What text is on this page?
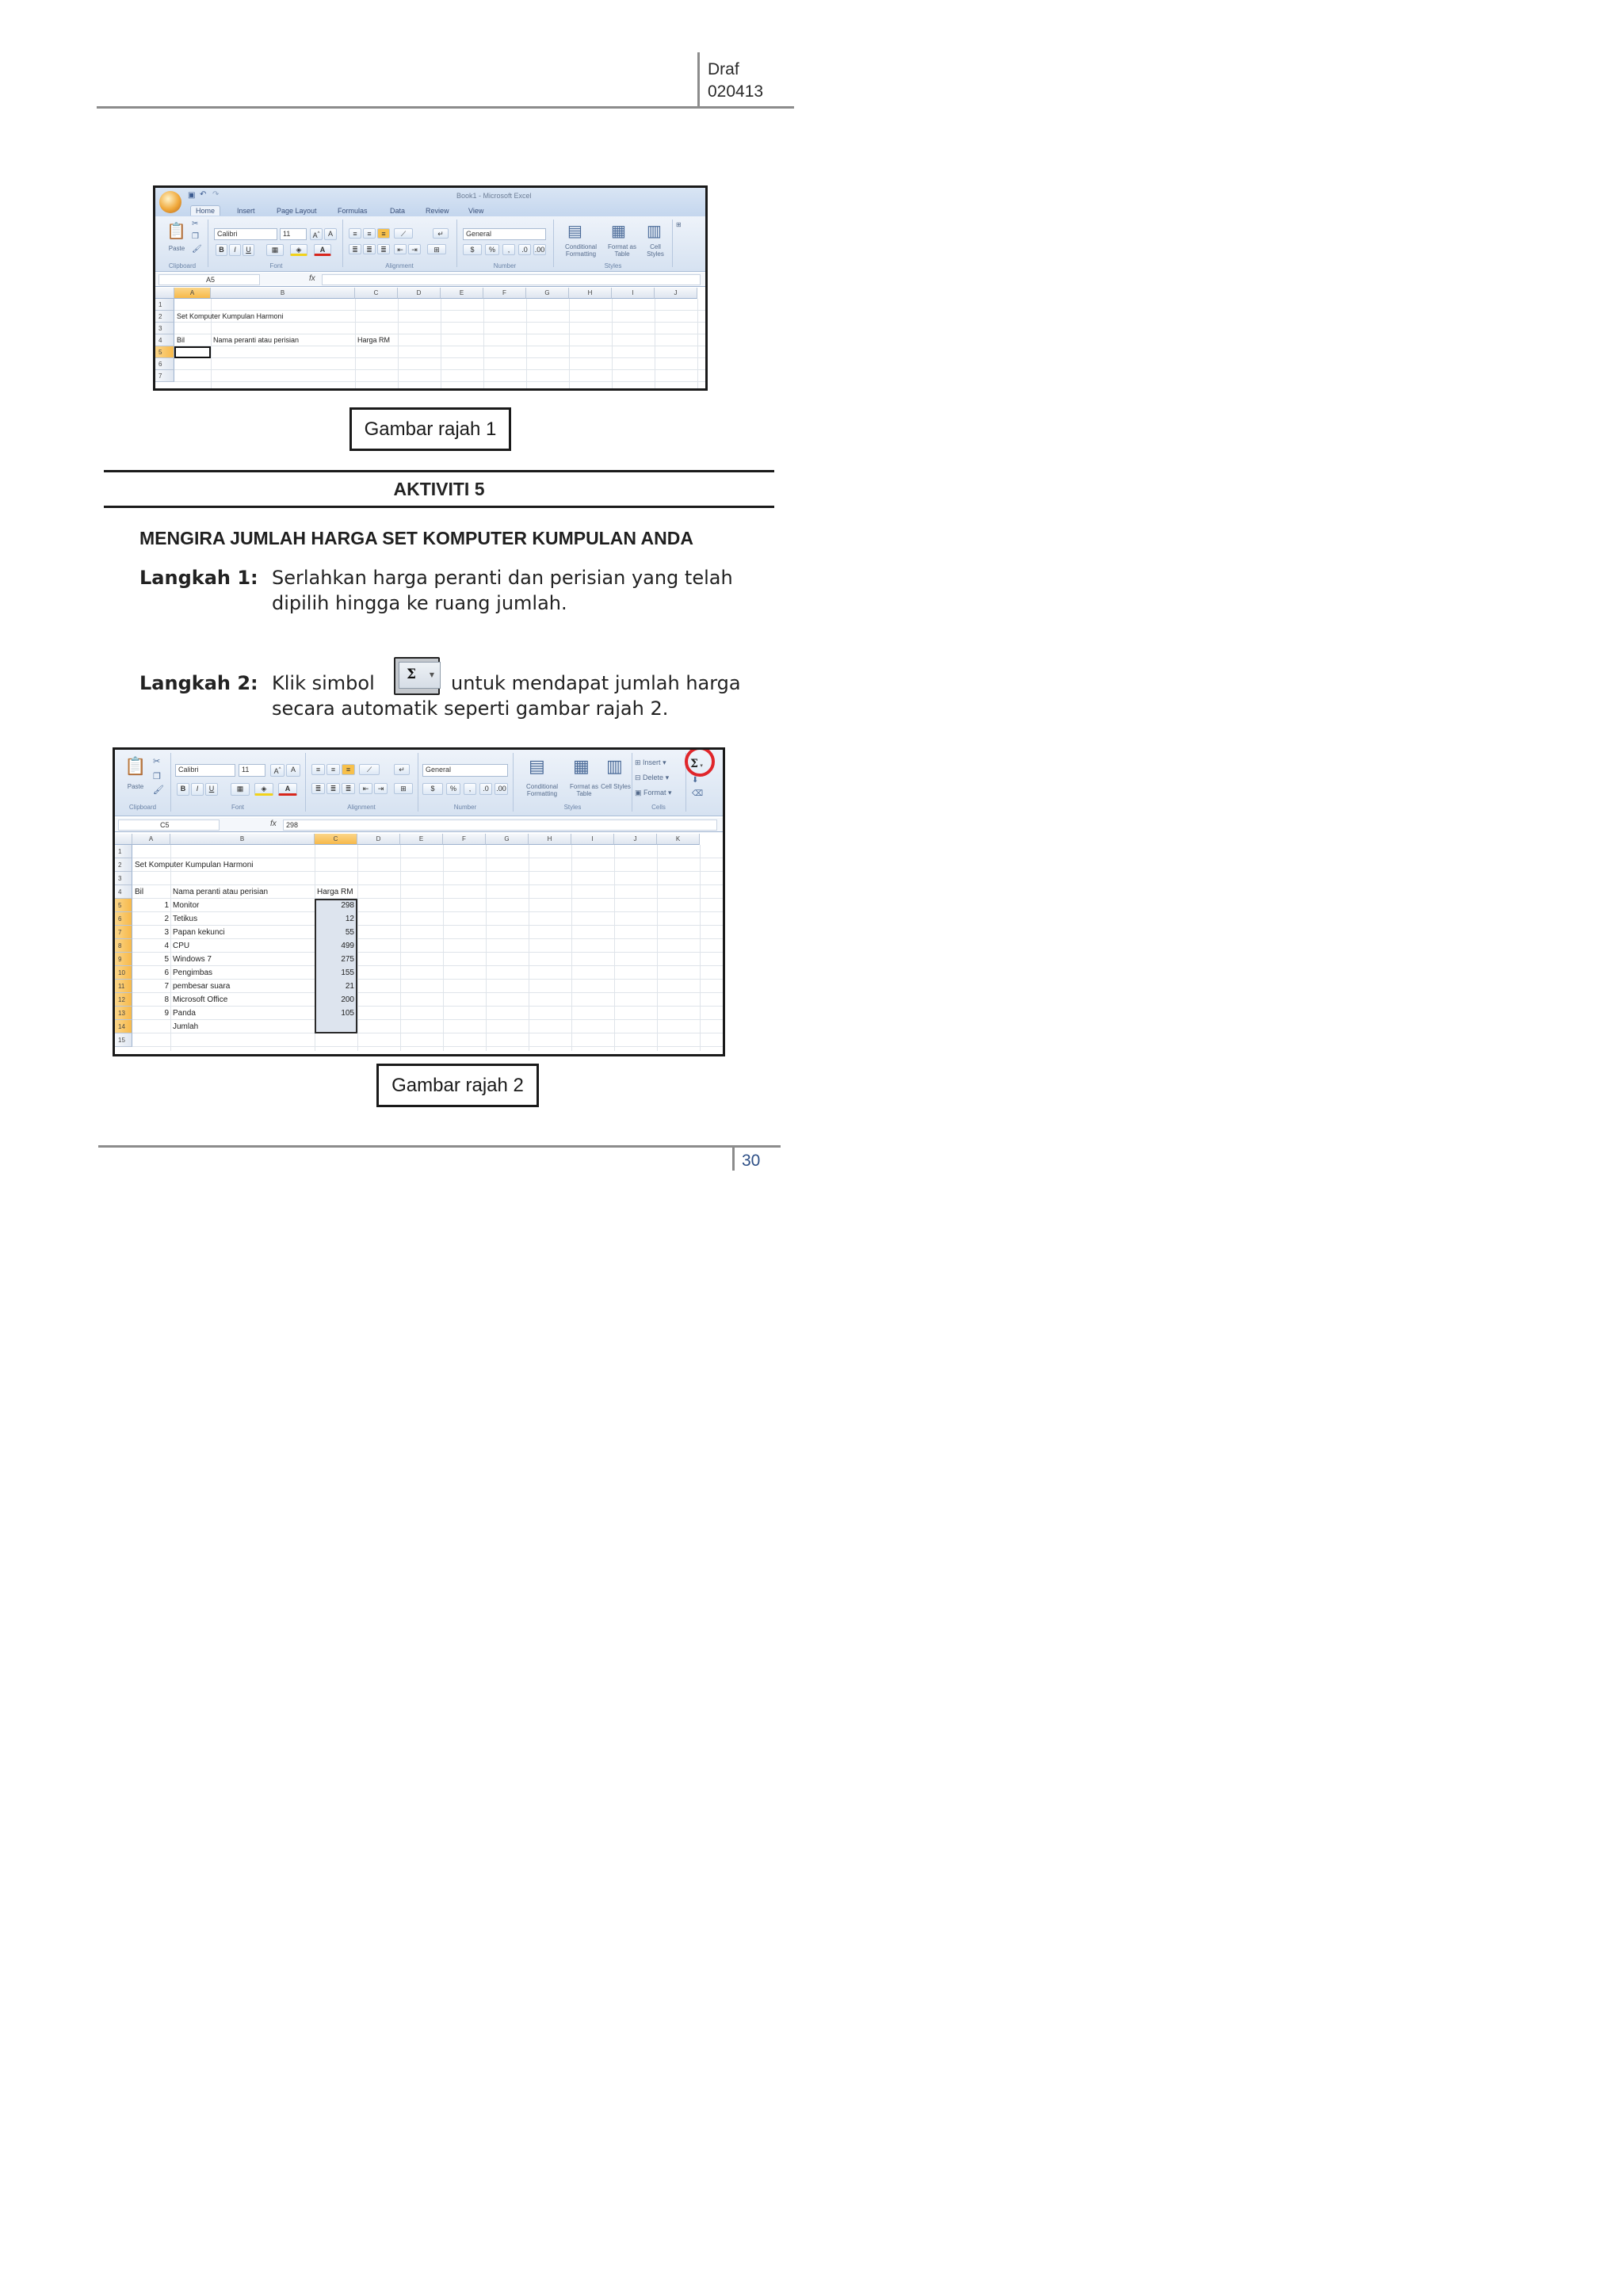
Draf
020413
▣ ↶ ↷	Book1 - Microsoft Excel
Home	Insert	Page Layout	Formulas	Data	Review	View
📋
Paste
✂
❐
🖌
Calibri	11	A^	A
B	I	U	▦	◈	A
≡	≡	≡	⟋
≣	≣	≣	⇤	⇥	⊞
↵	General
$	%	,	.0 .00
▤
Conditional Formatting
▦
Format as Table
▥
Cell Styles
⊞
Clipboard	Font	Alignment	Number	Styles
A5	fx
A	B	C	D	E	F	G	H	I	J
1
2
3
4
5
6
7
Set Komputer Kumpulan Harmoni
Bil	Nama peranti atau perisian	Harga RM
Gambar rajah 1
AKTIVITI 5
MENGIRA JUMLAH HARGA SET KOMPUTER KUMPULAN ANDA
Langkah 1: Serlahkan harga peranti dan perisian yang telah
dipilih hingga ke ruang jumlah.
Langkah 2: Klik simbol	Σ ▼ untuk mendapat jumlah harga
secara automatik seperti gambar rajah 2.
📋
Paste
✂
❐
🖌
Calibri	11	A^	A
B	I	U	▦	◈	A
≡	≡	≡	⟋	↵
≣	≣	≣	⇤	⇥	⊞
General
$	%	,	.0	.00
▤
Conditional Formatting
▦
Format as Table
▥
Cell Styles
⊞ Insert ▾
⊟ Delete ▾
▣ Format ▾
Σ ▾
⬇
⌫
Clipboard	Font	Alignment	Number	Styles	Cells
C5	fx	298
A	B	C	D	E	F	G	H	I	J	K
1
2
3
4
5
6
7
8
9
10
11
12
13
14
15
Set Komputer Kumpulan Harmoni
Bil	Nama peranti atau perisian	Harga RM
1 Monitor	298
2 Tetikus	12
3 Papan kekunci	55
4 CPU	499
5 Windows 7	275
6 Pengimbas	155
7 pembesar suara	21
8 Microsoft Office	200
9 Panda	105
Jumlah
Gambar rajah 2
30
